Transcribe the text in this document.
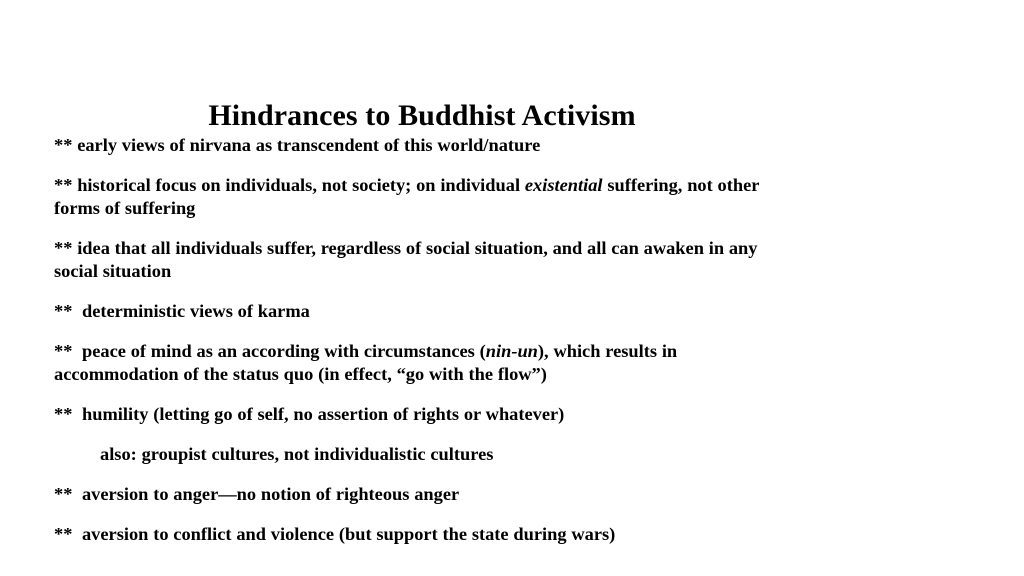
Hindrances to Buddhist Activism

** early views of nirvana as transcendent of this world/nature

** historical focus on individuals, not society; on individual existential suffering, not other forms of suffering

** idea that all individuals suffer, regardless of social situation, and all can awaken in any social situation

**  deterministic views of karma

**  peace of mind as an according with circumstances (nin-un), which results in accommodation of the status quo (in effect, “go with the flow”)

**  humility (letting go of self, no assertion of rights or whatever)

also: groupist cultures, not individualistic cultures

**  aversion to anger—no notion of righteous anger

**  aversion to conflict and violence (but support the state during wars)
